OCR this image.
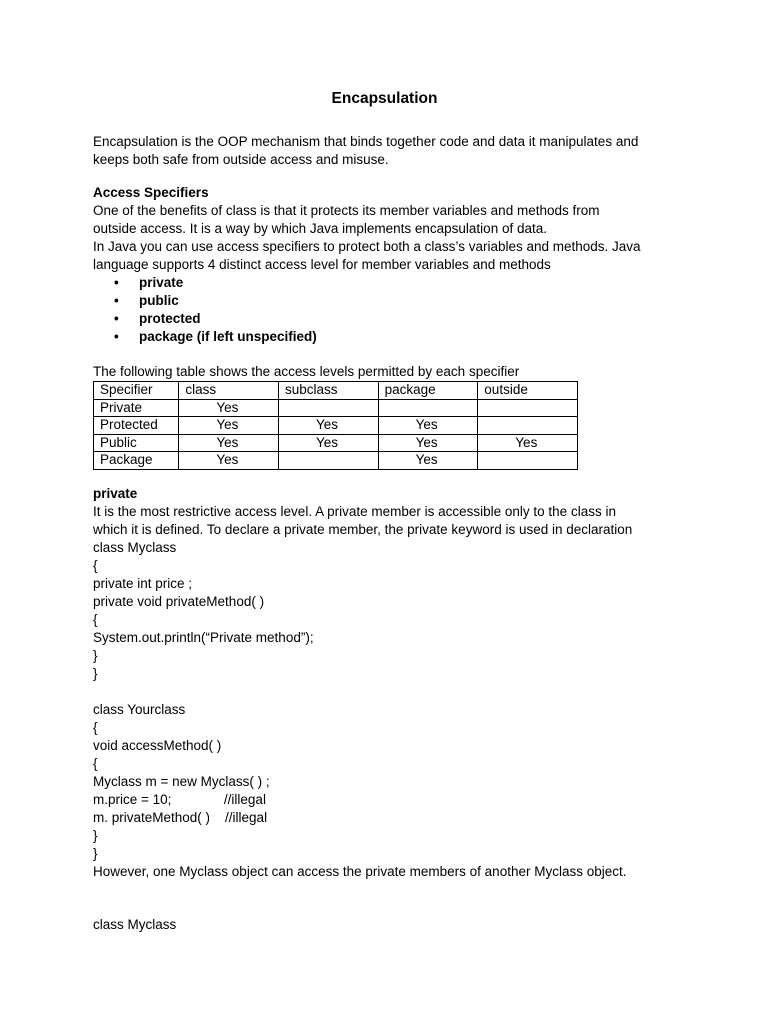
Encapsulation

Encapsulation is the OOP mechanism that binds together code and data it manipulates and

keeps both safe from outside access and misuse.

Access Specifiers

One of the benefits of class is that it protects its member variables and methods from

outside access. It is a way by which Java implements encapsulation of data.

In Java you can use access specifiers to protect both a class’s variables and methods. Java

language supports 4 distinct access level for member variables and methods

• private
• public
• protected
• package (if left unspecified)

The following table shows the access levels permitted by each specifier

Specifier	class	subclass	package	outside
Private	Yes			
Protected	Yes	Yes	Yes	
Public	Yes	Yes	Yes	Yes
Package	Yes		Yes	

private

It is the most restrictive access level. A private member is accessible only to the class in

which it is defined. To declare a private member, the private keyword is used in declaration

class Myclass

{

private int price ;

private void privateMethod( )

{

System.out.println(“Private method”);

}

}

class Yourclass

{

void accessMethod( )

{

Myclass m = new Myclass( ) ;

m.price = 10;              //illegal

m. privateMethod( )    //illegal

}

}

However, one Myclass object can access the private members of another Myclass object.

class Myclass
